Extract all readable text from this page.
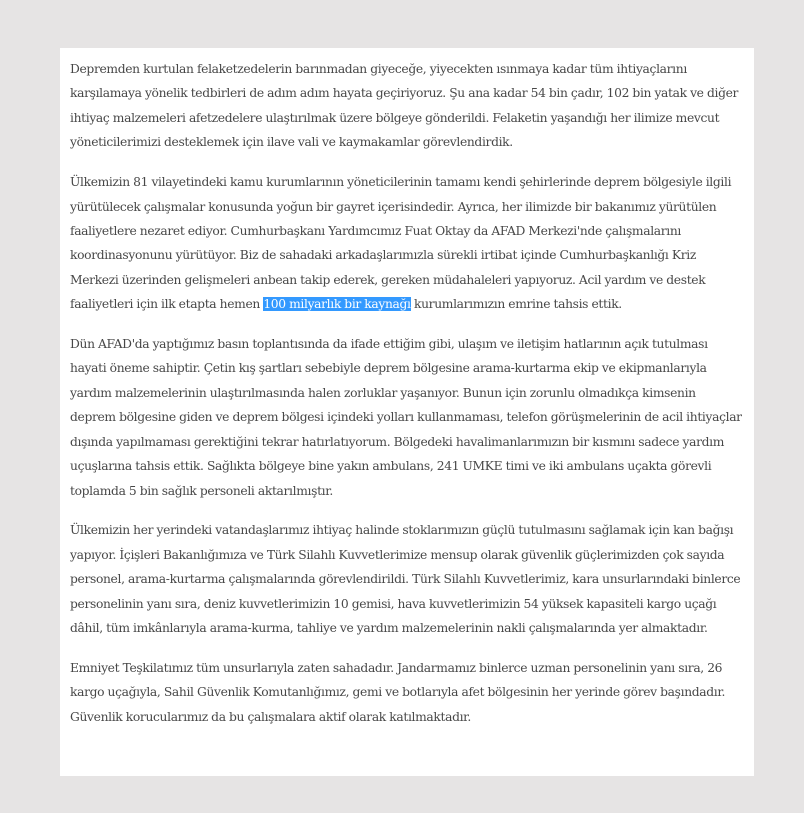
Depremden kurtulan felaketzedelerin barınmadan giyeceğe, yiyecekten ısınmaya kadar tüm ihtiyaçlarını karşılamaya yönelik tedbirleri de adım adım hayata geçiriyoruz. Şu ana kadar 54 bin çadır, 102 bin yatak ve diğer ihtiyaç malzemeleri afetzedelere ulaştırılmak üzere bölgeye gönderildi. Felaketin yaşandığı her ilimize mevcut yöneticilerimizi desteklemek için ilave vali ve kaymakamlar görevlendirdik.

Ülkemizin 81 vilayetindeki kamu kurumlarının yöneticilerinin tamamı kendi şehirlerinde deprem bölgesiyle ilgili yürütülecek çalışmalar konusunda yoğun bir gayret içerisindedir. Ayrıca, her ilimizde bir bakanımız yürütülen faaliyetlere nezaret ediyor. Cumhurbaşkanı Yardımcımız Fuat Oktay da AFAD Merkezi'nde çalışmalarını koordinasyonunu yürütüyor. Biz de sahadaki arkadaşlarımızla sürekli irtibat içinde Cumhurbaşkanlığı Kriz Merkezi üzerinden gelişmeleri anbean takip ederek, gereken müdahaleleri yapıyoruz. Acil yardım ve destek faaliyetleri için ilk etapta hemen 100 milyarlık bir kaynağı kurumlarımızın emrine tahsis ettik.

Dün AFAD'da yaptığımız basın toplantısında da ifade ettiğim gibi, ulaşım ve iletişim hatlarının açık tutulması hayati öneme sahiptir. Çetin kış şartları sebebiyle deprem bölgesine arama-kurtarma ekip ve ekipmanlarıyla yardım malzemelerinin ulaştırılmasında halen zorluklar yaşanıyor. Bunun için zorunlu olmadıkça kimsenin deprem bölgesine giden ve deprem bölgesi içindeki yolları kullanmaması, telefon görüşmelerinin de acil ihtiyaçlar dışında yapılmaması gerektiğini tekrar hatırlatıyorum. Bölgedeki havalimanlarımızın bir kısmını sadece yardım uçuşlarına tahsis ettik. Sağlıkta bölgeye bine yakın ambulans, 241 UMKE timi ve iki ambulans uçakta görevli toplamda 5 bin sağlık personeli aktarılmıştır.

Ülkemizin her yerindeki vatandaşlarımız ihtiyaç halinde stoklarımızın güçlü tutulmasını sağlamak için kan bağışı yapıyor. İçişleri Bakanlığımıza ve Türk Silahlı Kuvvetlerimize mensup olarak güvenlik güçlerimizden çok sayıda personel, arama-kurtarma çalışmalarında görevlendirildi. Türk Silahlı Kuvvetlerimiz, kara unsurlarındaki binlerce personelinin yanı sıra, deniz kuvvetlerimizin 10 gemisi, hava kuvvetlerimizin 54 yüksek kapasiteli kargo uçağı dâhil, tüm imkânlarıyla arama-kurma, tahliye ve yardım malzemelerinin nakli çalışmalarında yer almaktadır.

Emniyet Teşkilatımız tüm unsurlarıyla zaten sahadadır. Jandarmamız binlerce uzman personelinin yanı sıra, 26 kargo uçağıyla, Sahil Güvenlik Komutanlığımız, gemi ve botlarıyla afet bölgesinin her yerinde görev başındadır. Güvenlik korucularımız da bu çalışmalara aktif olarak katılmaktadır.
